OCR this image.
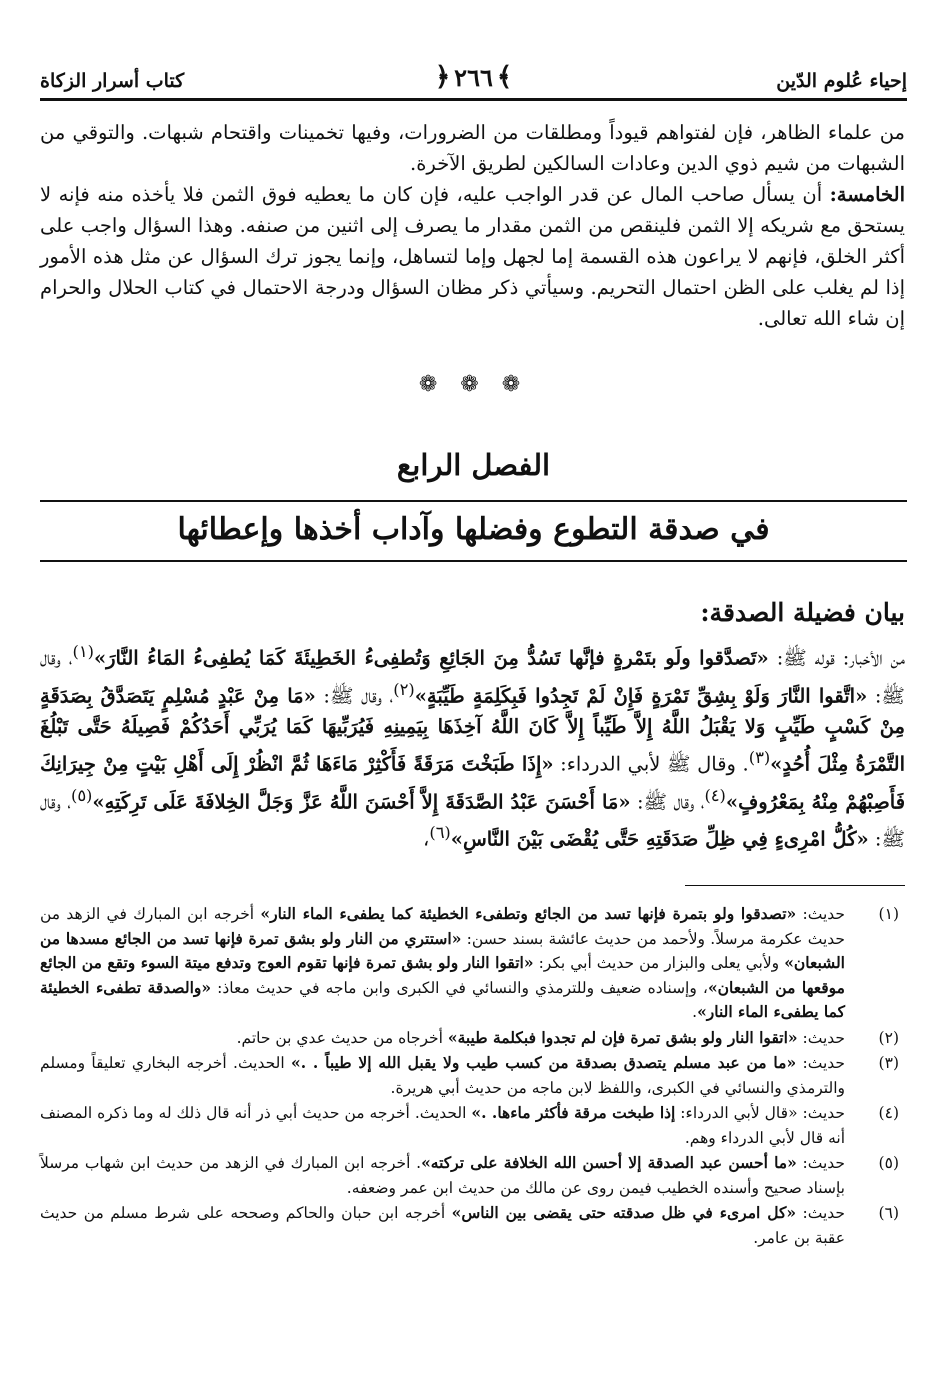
إحياء عُلوم الدّين
﴾
٢٦٦
﴿
كتاب أسرار الزكاة

من علماء الظاهر، فإن لفتواهم قيوداً ومطلقات من الضرورات، وفيها تخمينات واقتحام شبهات. والتوقي من الشبهات من شيم ذوي الدين وعادات السالكين لطريق الآخرة.

الخامسة: أن يسأل صاحب المال عن قدر الواجب عليه، فإن كان ما يعطيه فوق الثمن فلا يأخذه منه فإنه لا يستحق مع شريكه إلا الثمن فلينقص من الثمن مقدار ما يصرف إلى اثنين من صنفه. وهذا السؤال واجب على أكثر الخلق، فإنهم لا يراعون هذه القسمة إما لجهل وإما لتساهل، وإنما يجوز ترك السؤال عن مثل هذه الأمور إذا لم يغلب على الظن احتمال التحريم. وسيأتي ذكر مظان السؤال ودرجة الاحتمال في كتاب الحلال والحرام إن شاء الله تعالى.

❁ ❁ ❁
الفصل الرابع
في صدقة التطوع وفضلها وآداب أخذها وإعطائها
بيان فضيلة الصدقة:
من الأخبار: قوله ﷺ: «تَصدَّقوا ولَو بتَمْرةٍ فإنَّها تَسُدُّ مِنَ الجَائِعِ وَتُطفِىءُ الخَطِيئَةَ كَمَا يُطفِىءُ المَاءُ النَّارَ»$^{(١)}$، وقال ﷺ: «اتَّقوا النَّارَ وَلَوْ بِشِقِّ تَمْرَةٍ فَإِنْ لَمْ تَجِدُوا فَبِكَلِمَةٍ طَيِّبَةٍ»$^{(٢)}$، وقال ﷺ: «مَا مِنْ عَبْدٍ مُسْلِمٍ يَتَصَدَّقُ بِصَدَقَةٍ مِنْ كَسْبٍ طَيِّبٍ وَلا يَقْبَلُ اللَّهُ إِلاَّ طَيِّباً إِلاَّ كَانَ اللَّهُ آخِذَهَا بِيَمِينِهِ فَيُرَبِّيهَا كَمَا يُرَبِّي أَحَدُكُمْ فَصِيلَهُ حَتَّى تَبْلُغَ التَّمْرَةُ مِثْلَ أُحُدٍ»$^{(٣)}$. وقال ﷺ لأبي الدرداء: «إِذَا طَبَخْتَ مَرَقَةً فَأَكْثِرْ مَاءَهَا ثُمَّ انْظُرْ إِلَى أَهْلِ بَيْتٍ مِنْ جِيرَانِكَ فَأَصِبْهُمْ مِنْهُ بِمَعْرُوفٍ»$^{(٤)}$، وقال ﷺ: «مَا أَحْسَنَ عَبْدُ الصَّدَقَةَ إِلاَّ أَحْسَنَ اللَّهُ عَزَّ وَجَلَّ الخِلافَةَ عَلَى تَرِكَتِهِ»$^{(٥)}$، وقال ﷺ: «كُلُّ امْرِىءٍ فِي ظِلِّ صَدَقَتِهِ حَتَّى يُقْضَى بَيْنَ النَّاسِ»$^{(٦)}$،
(١)
حديث: «تصدقوا ولو بتمرة فإنها تسد من الجائع وتطفىء الخطيئة كما يطفىء الماء النار» أخرجه ابن المبارك في الزهد من حديث عكرمة مرسلاً. ولأحمد من حديث عائشة بسند حسن: «استتري من النار ولو بشق تمرة فإنها تسد من الجائع مسدها من الشبعان» ولأبي يعلى والبزار من حديث أبي بكر: «اتقوا النار ولو بشق تمرة فإنها تقوم العوج وتدفع ميتة السوء وتقع من الجائع موقعها من الشبعان»، وإسناده ضعيف وللترمذي والنسائي في الكبرى وابن ماجه في حديث معاذ: «والصدقة تطفىء الخطيئة كما يطفىء الماء النار».
(٢)
حديث: «اتقوا النار ولو بشق تمرة فإن لم تجدوا فبكلمة طيبة» أخرجاه من حديث عدي بن حاتم.
(٣)
حديث: «ما من عبد مسلم يتصدق بصدقة من كسب طيب ولا يقبل الله إلا طيباً . .» الحديث. أخرجه البخاري تعليقاً ومسلم والترمذي والنسائي في الكبرى، واللفظ لابن ماجه من حديث أبي هريرة.
(٤)
حديث: «قال لأبي الدرداء: إذا طبخت مرقة فأكثر ماءها. .» الحديث. أخرجه من حديث أبي ذر أنه قال ذلك له وما ذكره المصنف أنه قال لأبي الدرداء وهم.
(٥)
حديث: «ما أحسن عبد الصدقة إلا أحسن الله الخلافة على تركته». أخرجه ابن المبارك في الزهد من حديث ابن شهاب مرسلاً بإسناد صحيح وأسنده الخطيب فيمن روى عن مالك من حديث ابن عمر وضعفه.
(٦)
حديث: «كل امرىء في ظل صدقته حتى يقضى بين الناس» أخرجه ابن حبان والحاكم وصححه على شرط مسلم من حديث عقبة بن عامر.
